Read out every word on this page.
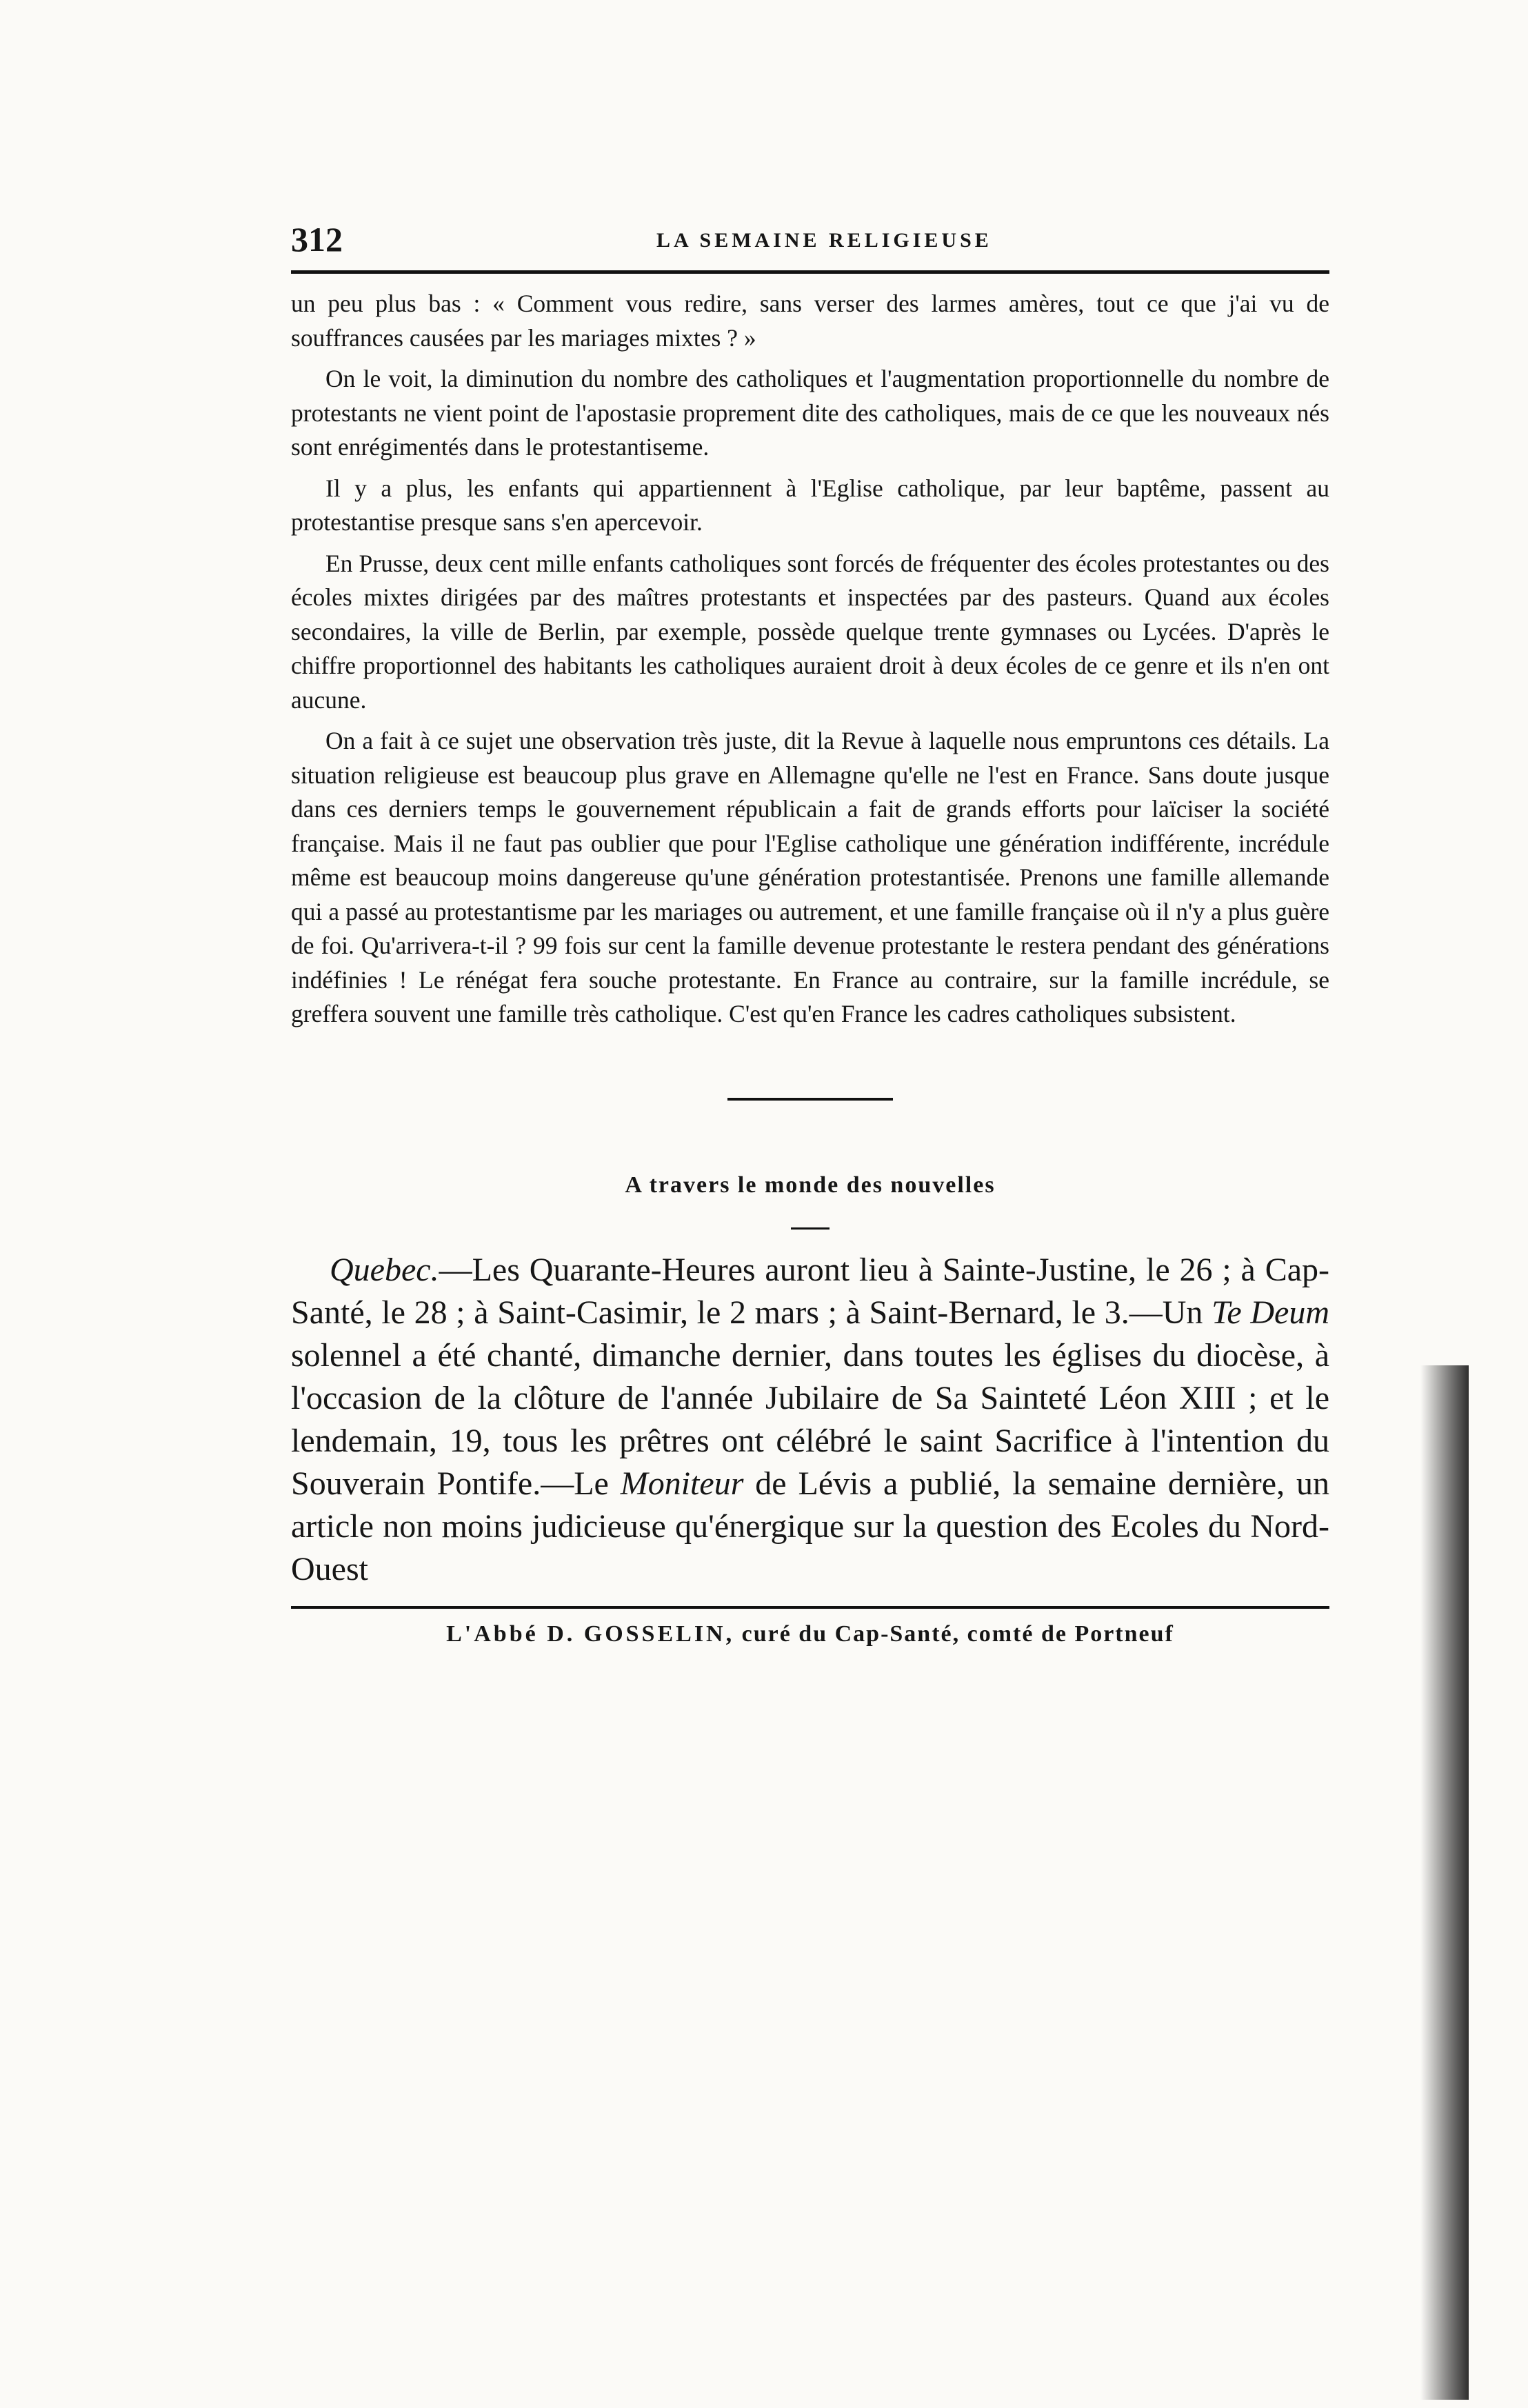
312	LA SEMAINE RELIGIEUSE

un peu plus bas : « Comment vous redire, sans verser des larmes amères, tout ce que j'ai vu de souffrances causées par les mariages mixtes ? »

On le voit, la diminution du nombre des catholiques et l'augmentation proportionnelle du nombre de protestants ne vient point de l'apostasie proprement dite des catholiques, mais de ce que les nouveaux nés sont enrégimentés dans le protestantiseme.

Il y a plus, les enfants qui appartiennent à l'Eglise catholique, par leur baptême, passent au protestantise presque sans s'en apercevoir.

En Prusse, deux cent mille enfants catholiques sont forcés de fréquenter des écoles protestantes ou des écoles mixtes dirigées par des maîtres protestants et inspectées par des pasteurs. Quand aux écoles secondaires, la ville de Berlin, par exemple, possède quelque trente gymnases ou Lycées. D'après le chiffre proportionnel des habitants les catholiques auraient droit à deux écoles de ce genre et ils n'en ont aucune.

On a fait à ce sujet une observation très juste, dit la Revue à laquelle nous empruntons ces détails. La situation religieuse est beaucoup plus grave en Allemagne qu'elle ne l'est en France. Sans doute jusque dans ces derniers temps le gouvernement républicain a fait de grands efforts pour laïciser la société française. Mais il ne faut pas oublier que pour l'Eglise catholique une génération indifférente, incrédule même est beaucoup moins dangereuse qu'une génération protestantisée. Prenons une famille allemande qui a passé au protestantisme par les mariages ou autrement, et une famille française où il n'y a plus guère de foi. Qu'arrivera-t-il ? 99 fois sur cent la famille devenue protestante le restera pendant des générations indéfinies ! Le rénégat fera souche protestante. En France au contraire, sur la famille incrédule, se greffera souvent une famille très catholique. C'est qu'en France les cadres catholiques subsistent.

A travers le monde des nouvelles
Quebec.—Les Quarante-Heures auront lieu à Sainte-Justine, le 26 ; à Cap-Santé, le 28 ; à Saint-Casimir, le 2 mars ; à Saint-Bernard, le 3.—Un Te Deum solennel a été chanté, dimanche dernier, dans toutes les églises du diocèse, à l'occasion de la clôture de l'année Jubilaire de Sa Sainteté Léon XIII ; et le lendemain, 19, tous les prêtres ont célébré le saint Sacrifice à l'intention du Souverain Pontife.—Le Moniteur de Lévis a publié, la semaine dernière, un article non moins judicieuse qu'énergique sur la question des Ecoles du Nord-Ouest
L'Abbé D. GOSSELIN, curé du Cap-Santé, comté de Portneuf
